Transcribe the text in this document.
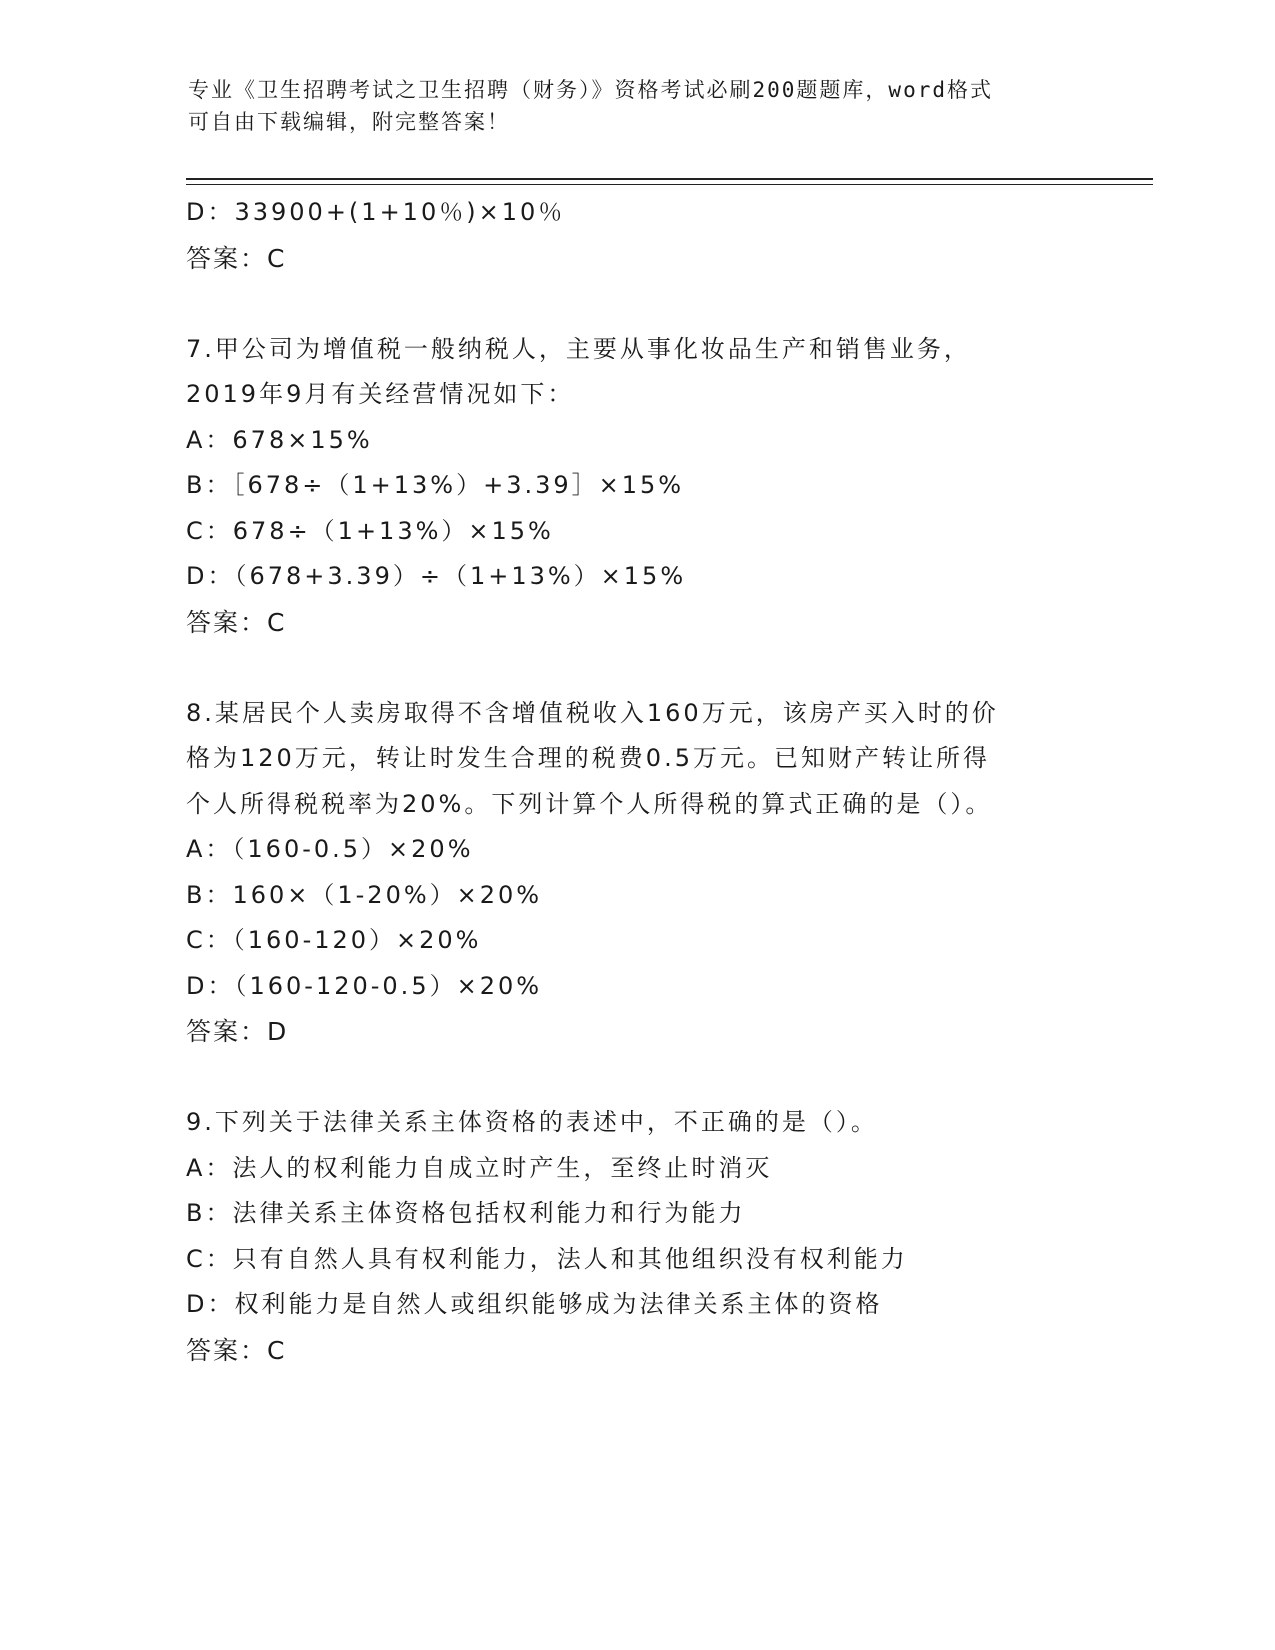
专业《卫生招聘考试之卫生招聘（财务）》资格考试必刷200题题库，word格式
可自由下载编辑，附完整答案！
D：33900+(1+10％)×10％
答案：C
7.甲公司为增值税一般纳税人，主要从事化妆品生产和销售业务，
2019年9月有关经营情况如下：
A：678×15%
B：［678÷（1+13%）+3.39］×15%
C：678÷（1+13%）×15%
D：（678+3.39）÷（1+13%）×15%
答案：C
8.某居民个人卖房取得不含增值税收入160万元，该房产买入时的价
格为120万元，转让时发生合理的税费0.5万元。已知财产转让所得
个人所得税税率为20%。下列计算个人所得税的算式正确的是（）。
A：（160-0.5）×20%
B：160×（1-20%）×20%
C：（160-120）×20%
D：（160-120-0.5）×20%
答案：D
9.下列关于法律关系主体资格的表述中，不正确的是（）。
A：法人的权利能力自成立时产生，至终止时消灭
B：法律关系主体资格包括权利能力和行为能力
C：只有自然人具有权利能力，法人和其他组织没有权利能力
D：权利能力是自然人或组织能够成为法律关系主体的资格
答案：C
